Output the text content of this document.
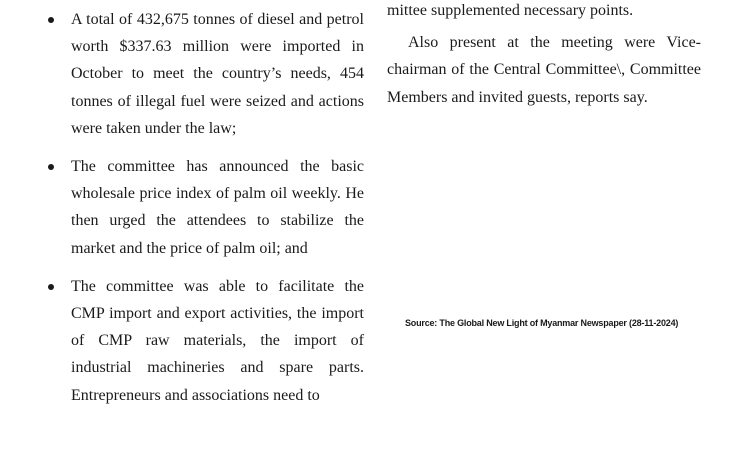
A total of 432,675 tonnes of diesel and petrol worth $337.63 million were imported in October to meet the country’s needs, 454 tonnes of illegal fuel were seized and actions were taken under the law;

The committee has announced the basic wholesale price index of palm oil weekly. He then urged the attendees to stabilize the market and the price of palm oil; and

The committee was able to facilitate the CMP import and export activities, the import of CMP raw materials, the import of industrial machineries and spare parts. Entrepreneurs and associations need to

mittee supplemented necessary points.

Also present at the meeting were Vice-chairman of the Central Committee\, Committee Members and invited guests, reports say.

Source: The Global New Light of Myanmar Newspaper (28-11-2024)
